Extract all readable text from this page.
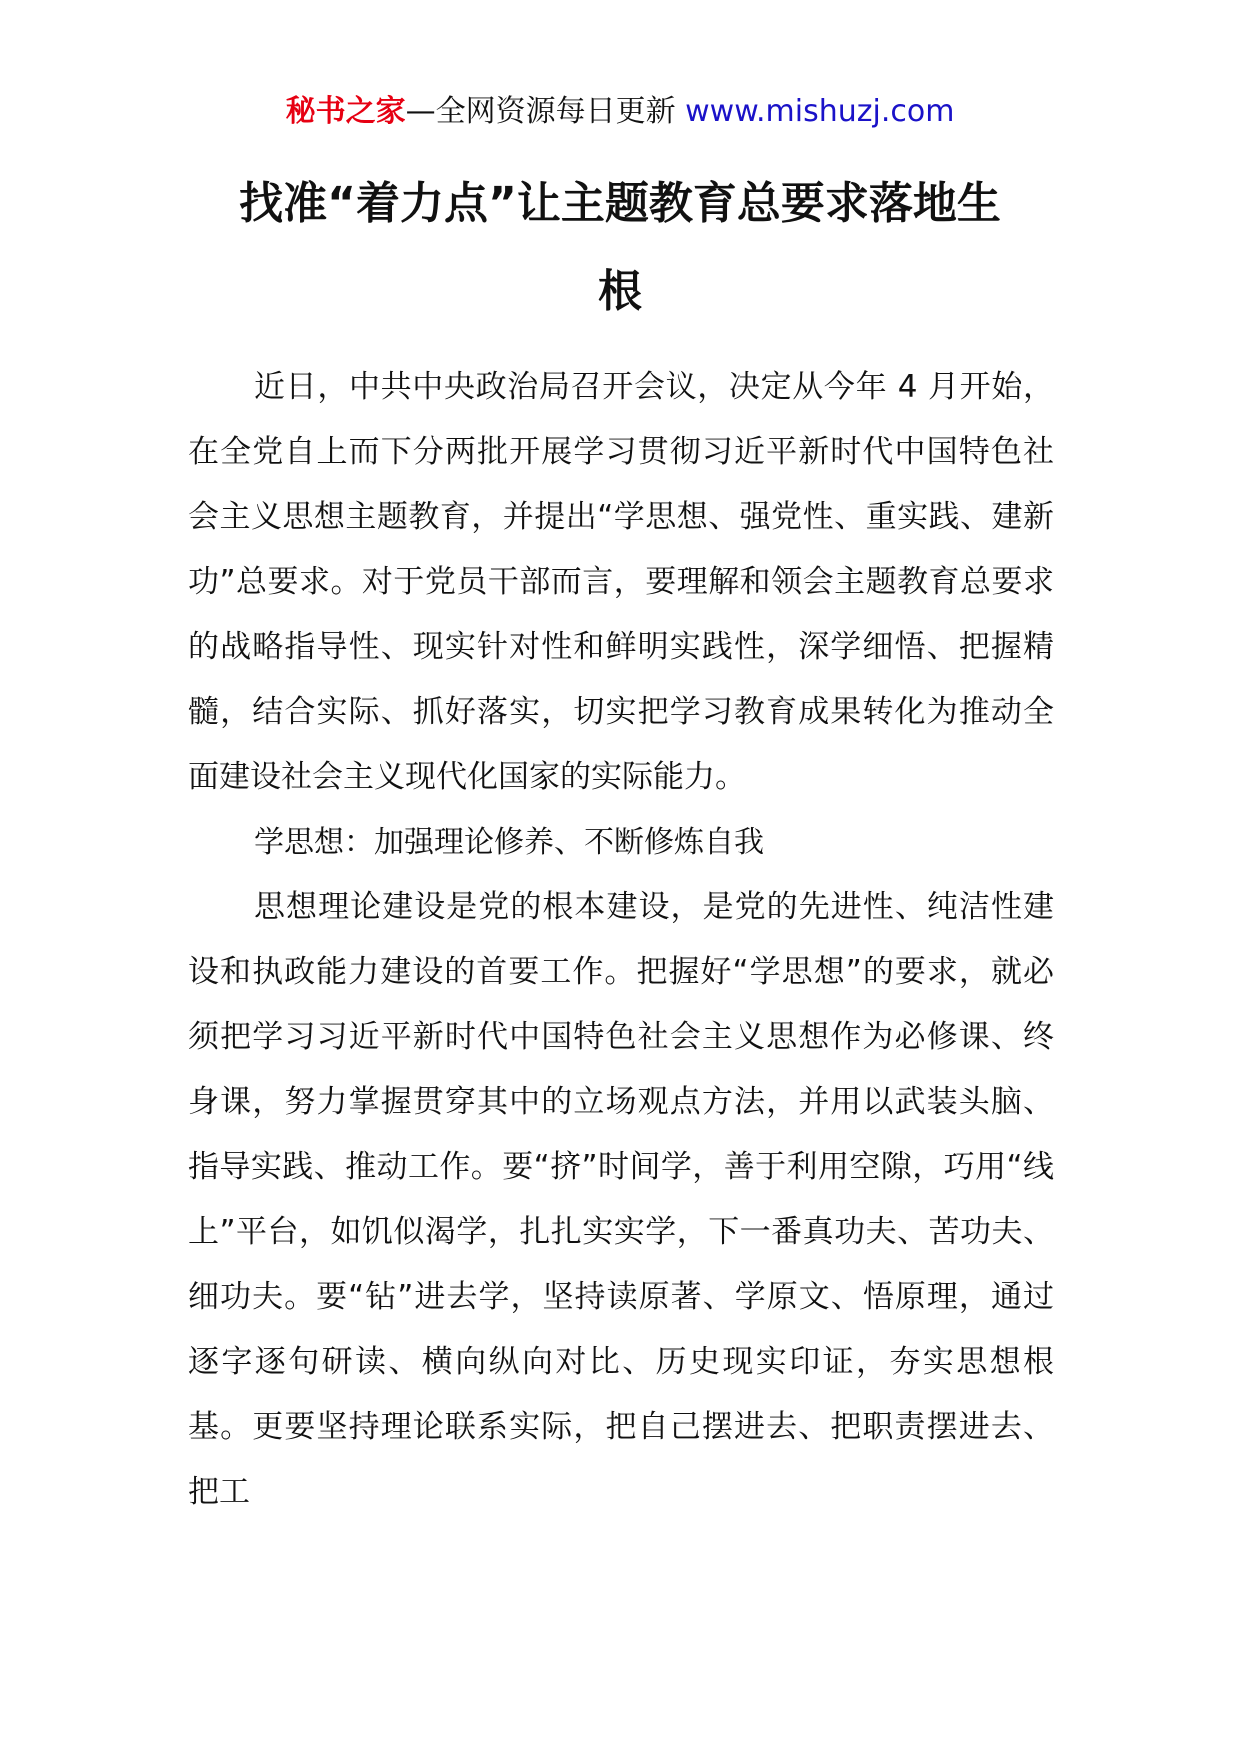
秘书之家—全网资源每日更新 www.mishuzj.com
找准“着力点”让主题教育总要求落地生
根

近日，中共中央政治局召开会议，决定从今年 4 月开始，在全党自上而下分两批开展学习贯彻习近平新时代中国特色社会主义思想主题教育，并提出“学思想、强党性、重实践、建新功”总要求。对于党员干部而言，要理解和领会主题教育总要求的战略指导性、现实针对性和鲜明实践性，深学细悟、把握精髓，结合实际、抓好落实，切实把学习教育成果转化为推动全面建设社会主义现代化国家的实际能力。

学思想：加强理论修养、不断修炼自我

思想理论建设是党的根本建设，是党的先进性、纯洁性建设和执政能力建设的首要工作。把握好“学思想”的要求，就必须把学习习近平新时代中国特色社会主义思想作为必修课、终身课，努力掌握贯穿其中的立场观点方法，并用以武装头脑、指导实践、推动工作。要“挤”时间学，善于利用空隙，巧用“线上”平台，如饥似渴学，扎扎实实学，下一番真功夫、苦功夫、细功夫。要“钻”进去学，坚持读原著、学原文、悟原理，通过逐字逐句研读、横向纵向对比、历史现实印证，夯实思想根基。更要坚持理论联系实际，把自己摆进去、把职责摆进去、把工
